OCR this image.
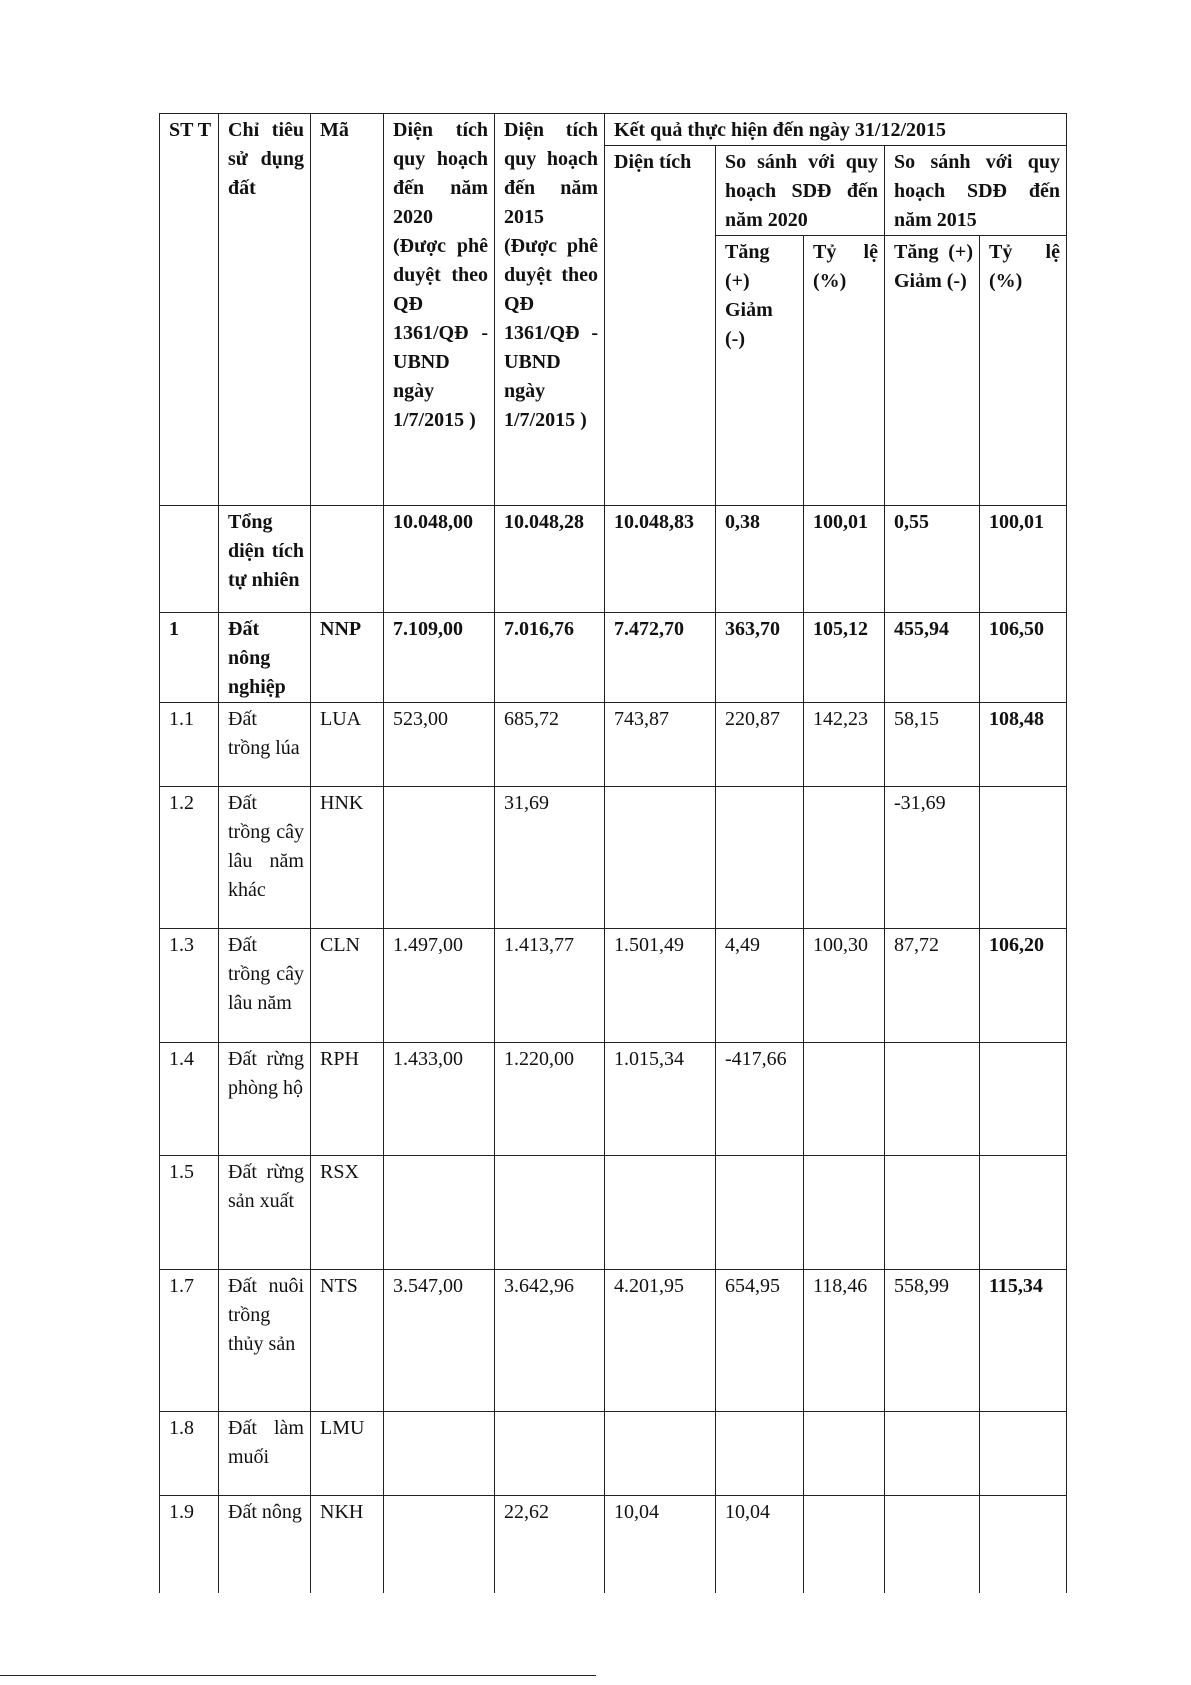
ST T	Chỉ tiêu sử dụng đất	Mã	Diện tích quy hoạch đến năm 2020 (Được phê duyệt theo QĐ 1361/QĐ -UBND ngày 1/7/2015 )	Diện tích quy hoạch đến năm 2015 (Được phê duyệt theo QĐ 1361/QĐ -UBND ngày 1/7/2015 )	Kết quả thực hiện đến ngày 31/12/2015				
					Diện tích	So sánh với quy hoạch SDĐ đến năm 2020		So sánh với quy hoạch SDĐ đến năm 2015	
						Tăng (+) Giảm (-)	Tỷ lệ (%)	Tăng (+) Giảm (-)	Tỷ lệ (%)
	Tổng diện tích tự nhiên		10.048,00	10.048,28	10.048,83	0,38	100,01	0,55	100,01
1	Đất nông nghiệp	NNP	7.109,00	7.016,76	7.472,70	363,70	105,12	455,94	106,50
1.1	Đất trồng lúa	LUA	523,00	685,72	743,87	220,87	142,23	58,15	108,48
1.2	Đất trồng cây lâu năm khác	HNK		31,69				-31,69	
1.3	Đất trồng cây lâu năm	CLN	1.497,00	1.413,77	1.501,49	4,49	100,30	87,72	106,20
1.4	Đất rừng phòng hộ	RPH	1.433,00	1.220,00	1.015,34	-417,66			
1.5	Đất rừng sản xuất	RSX							
1.7	Đất nuôi trồng thủy sản	NTS	3.547,00	3.642,96	4.201,95	654,95	118,46	558,99	115,34
1.8	Đất làm muối	LMU							
1.9	Đất nông	NKH		22,62	10,04	10,04			
